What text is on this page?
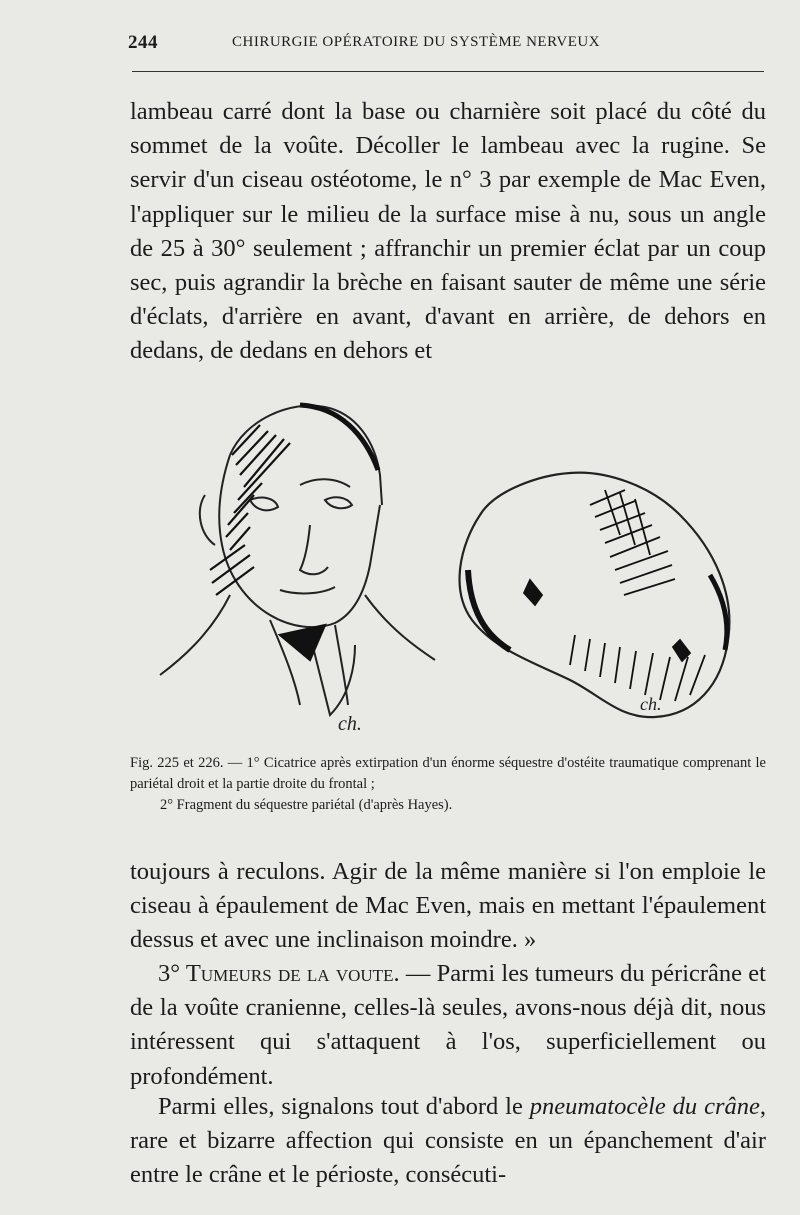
244	CHIRURGIE OPÉRATOIRE DU SYSTÈME NERVEUX

lambeau carré dont la base ou charnière soit placé du côté du sommet de la voûte. Décoller le lambeau avec la rugine. Se servir d'un ciseau ostéotome, le n° 3 par exemple de Mac Even, l'appliquer sur le milieu de la surface mise à nu, sous un angle de 25 à 30° seulement ; affranchir un premier éclat par un coup sec, puis agrandir la brèche en faisant sauter de même une série d'éclats, d'arrière en avant, d'avant en arrière, de dehors en dedans, de dedans en dehors et

ch.
ch.

Fig. 225 et 226. — 1° Cicatrice après extirpation d'un énorme séquestre d'ostéite traumatique comprenant le pariétal droit et la partie droite du frontal ;
2° Fragment du séquestre pariétal (d'après Hayes).

toujours à reculons. Agir de la même manière si l'on emploie le ciseau à épaulement de Mac Even, mais en mettant l'épaulement dessus et avec une inclinaison moindre. »

3° Tumeurs de la voute. — Parmi les tumeurs du péricrâne et de la voûte cranienne, celles-là seules, avons-nous déjà dit, nous intéressent qui s'attaquent à l'os, superficiellement ou profondément.

Parmi elles, signalons tout d'abord le pneumatocèle du crâne, rare et bizarre affection qui consiste en un épanchement d'air entre le crâne et le périoste, consécuti-
